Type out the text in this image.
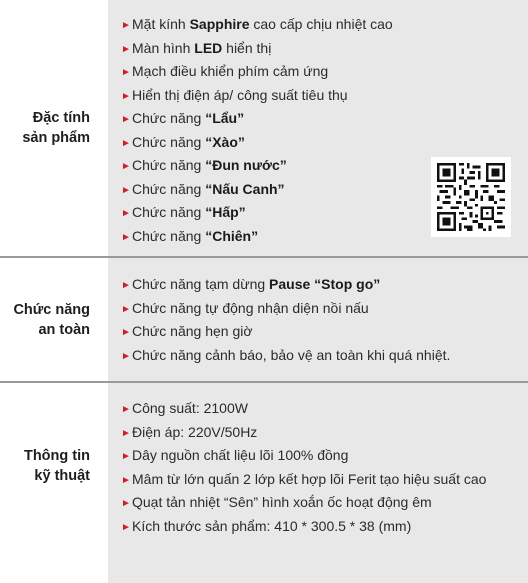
Đặc tính
sản phẩm
►Mặt kính Sapphire cao cấp chịu nhiệt cao
►Màn hình LED hiển thị
►Mạch điều khiển phím cảm ứng
►Hiển thị điện áp/ công suất tiêu thụ
►Chức năng “Lẩu”
►Chức năng “Xào”
►Chức năng “Đun nước”
►Chức năng “Nấu Canh”
►Chức năng “Hấp”
►Chức năng “Chiên”
Chức năng
an toàn
►Chức năng tạm dừng Pause “Stop go”
►Chức năng tự động nhận diện nồi nấu
►Chức năng hẹn giờ
►Chức năng cảnh báo, bảo vệ an toàn khi quá nhiệt.
Thông tin
kỹ thuật
►Công suất: 2100W
►Điện áp: 220V/50Hz
►Dây nguồn chất liệu lõi 100% đồng
►Mâm từ lớn quấn 2 lớp kết hợp lõi Ferit tạo hiệu suất cao
►Quạt tản nhiệt “Sên” hình xoắn ốc hoạt động êm
►Kích thước sản phẩm: 410 * 300.5 * 38 (mm)
